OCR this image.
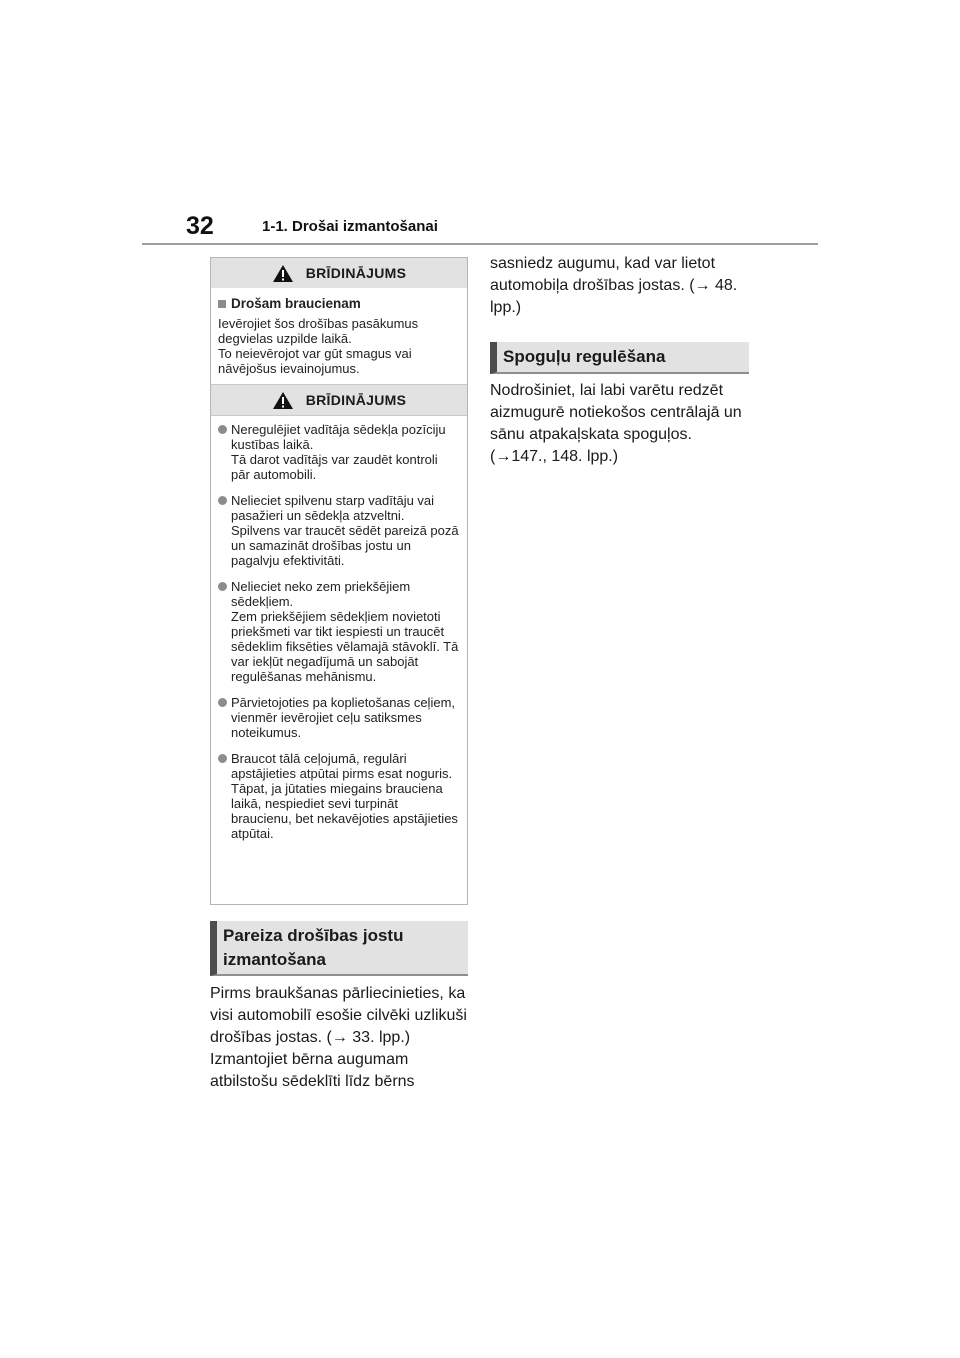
32	1-1. Drošai izmantošanai
BRĪDINĀJUMS
Drošam braucienam

Ievērojiet šos drošības pasākumus degvielas uzpilde laikā.
To neievērojot var gūt smagus vai nāvējošus ievainojumus.

BRĪDINĀJUMS
Neregulējiet vadītāja sēdekļa pozīciju kustības laikā.
Tā darot vadītājs var zaudēt kontroli pār automobili.
Nelieciet spilvenu starp vadītāju vai pasažieri un sēdekļa atzveltni.
Spilvens var traucēt sēdēt pareizā pozā un samazināt drošības jostu un pagalvju efektivitāti.
Nelieciet neko zem priekšējiem sēdekļiem.
Zem priekšējiem sēdekļiem novietoti priekšmeti var tikt iespiesti un traucēt sēdeklim fiksēties vēlamajā stāvoklī. Tā var iekļūt negadījumā un sabojāt regulēšanas mehānismu.
Pārvietojoties pa koplietošanas ceļiem, vienmēr ievērojiet ceļu satiksmes noteikumus.
Braucot tālā ceļojumā, regulāri apstājieties atpūtai pirms esat noguris.
Tāpat, ja jūtaties miegains brauciena laikā, nespiediet sevi turpināt braucienu, bet nekavējoties apstājieties atpūtai.
Pareiza drošības jostu izmantošana

Pirms braukšanas pārliecinieties, ka visi automobilī esošie cilvēki uzlikuši drošības jostas. (→ 33. lpp.)
Izmantojiet bērna augumam atbilstošu sēdeklīti līdz bērns

sasniedz augumu, kad var lietot automobiļa drošības jostas. (→ 48. lpp.)

Spoguļu regulēšana

Nodrošiniet, lai labi varētu redzēt aizmugurē notiekošos centrālajā un sānu atpakaļskata spoguļos. (→147., 148. lpp.)
